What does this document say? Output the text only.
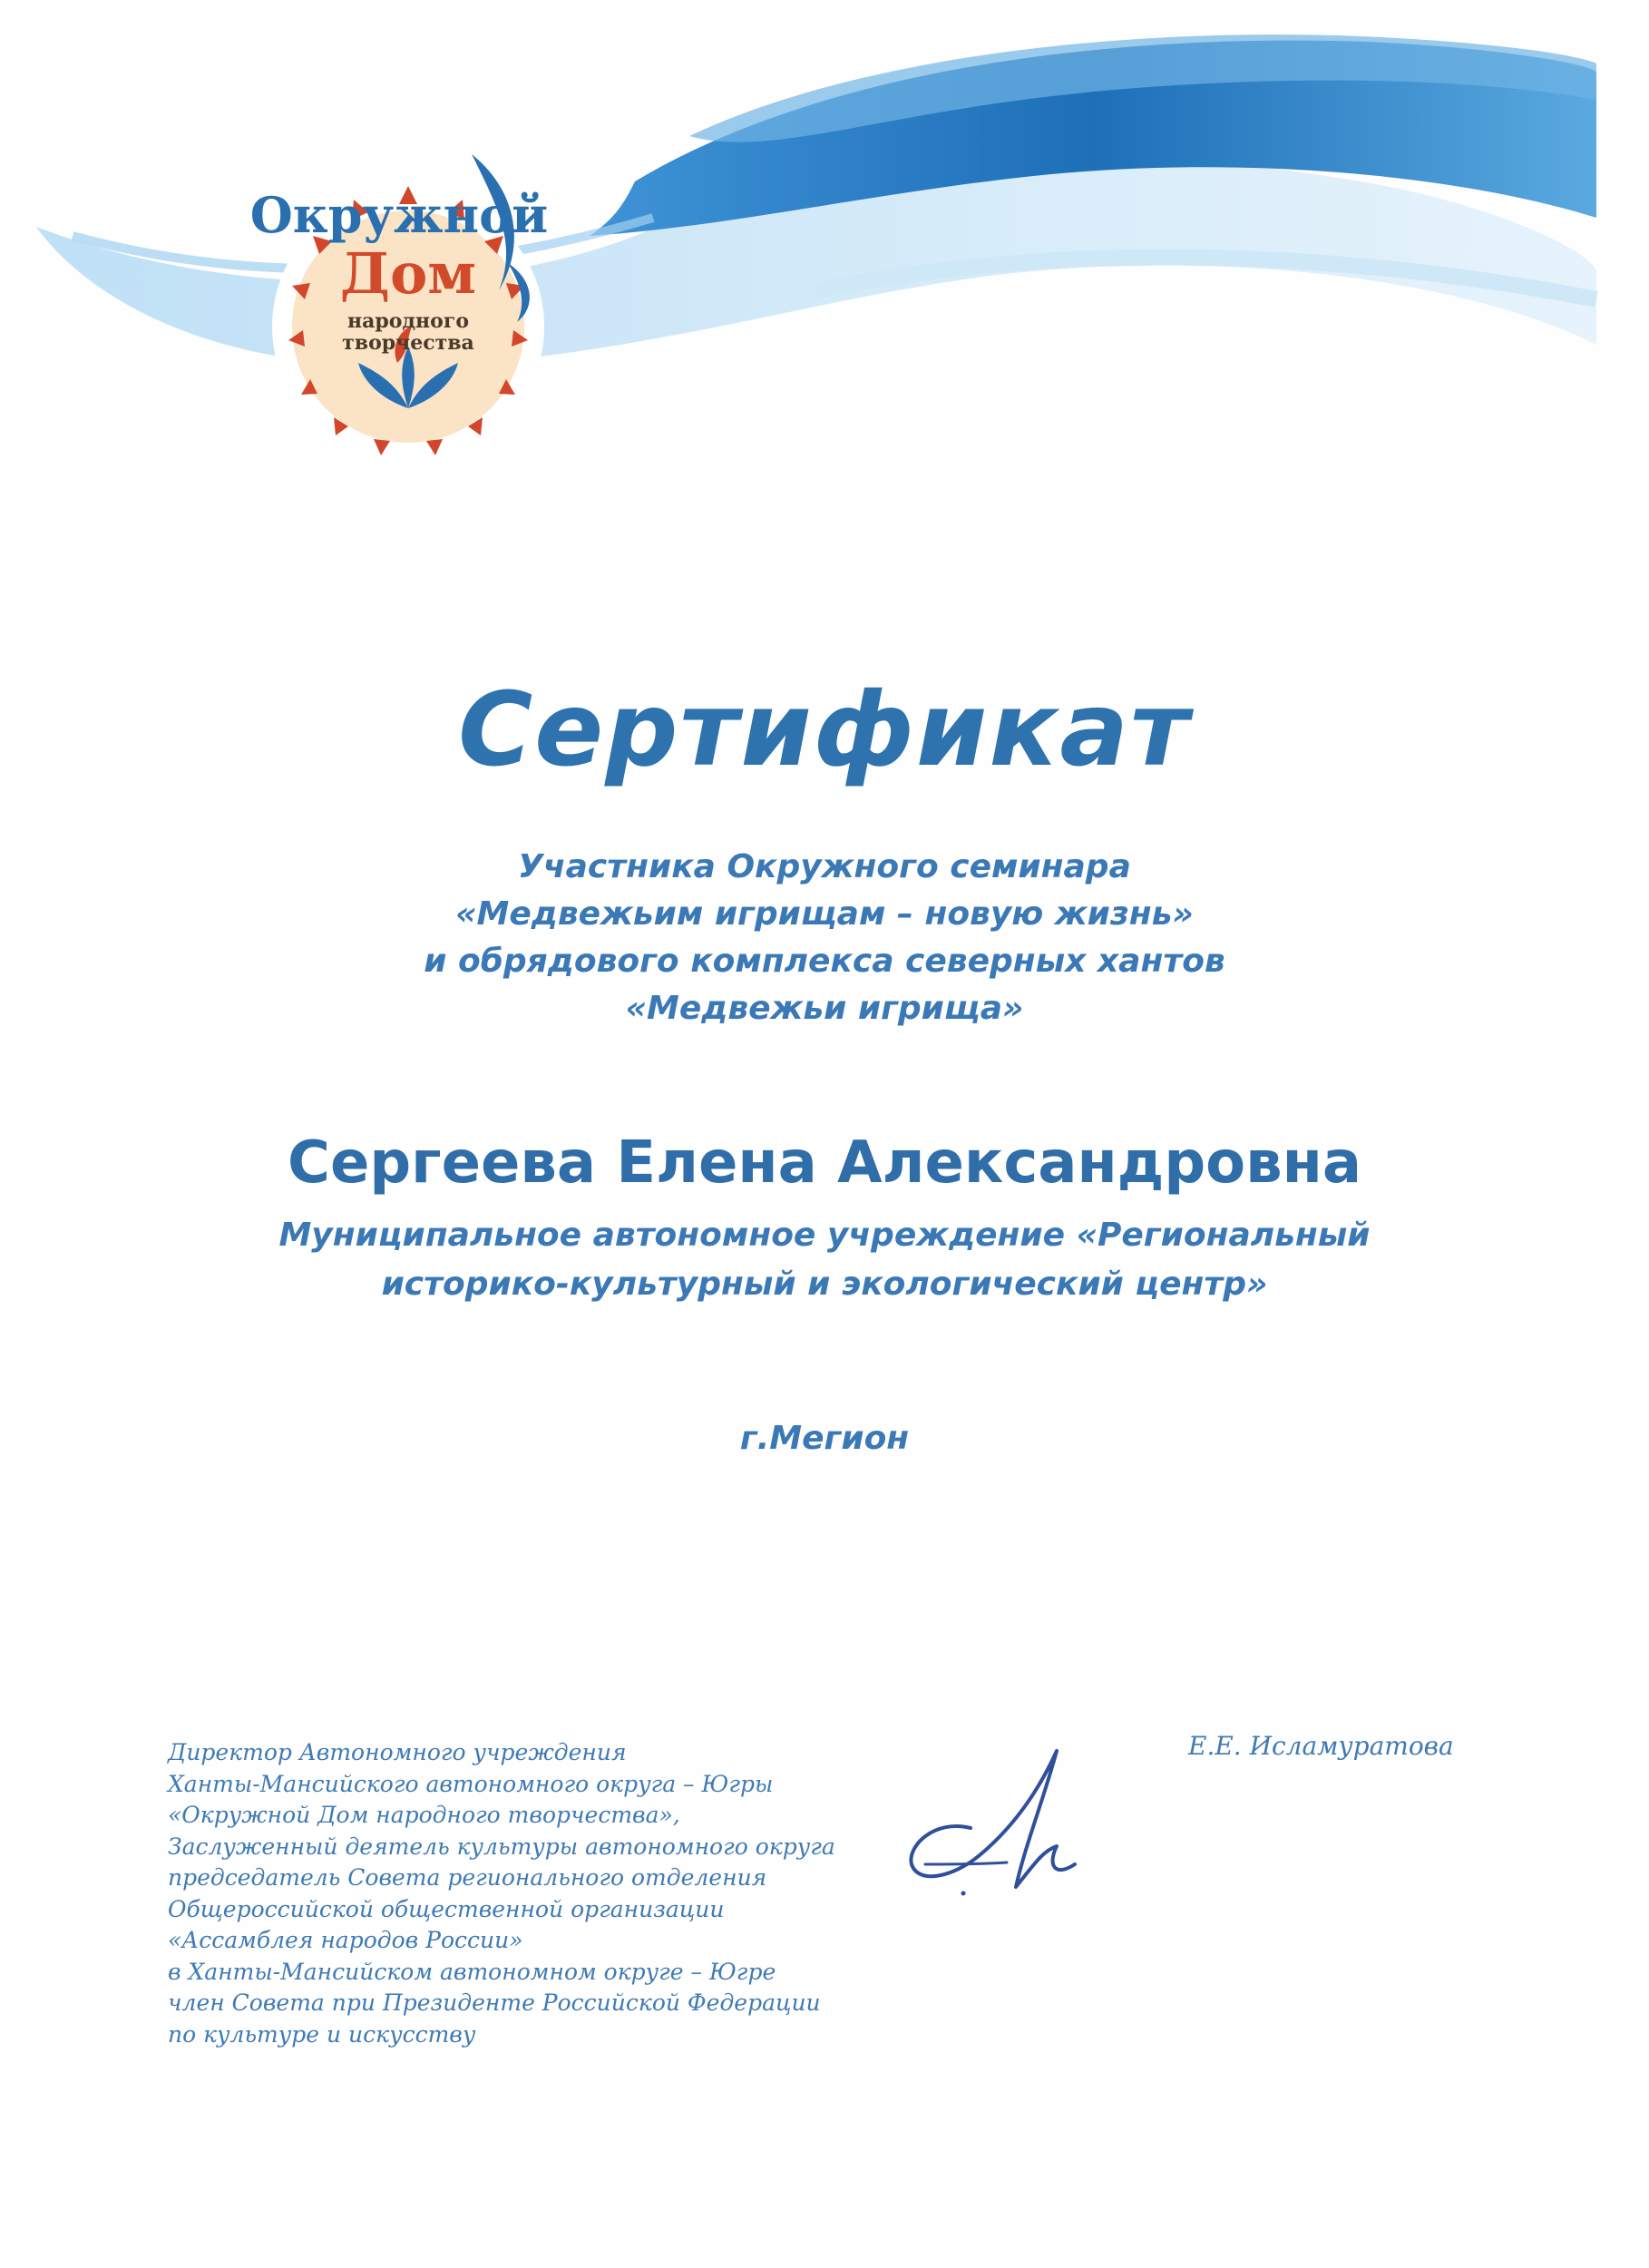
Окружной
Дом
народного
творчества
Сертификат
Участника Окружного семинара
«Медвежьим игрищам – новую жизнь»
и обрядового комплекса северных хантов
«Медвежьи игрища»
Сергеева Елена Александровна
Муниципальное автономное учреждение «Региональный
историко-культурный и экологический центр»
г.Мегион
Директор Автономного учреждения
Ханты-Мансийского автономного округа – Югры
«Окружной Дом народного творчества»,
Заслуженный деятель культуры автономного округа
председатель Совета регионального отделения
Общероссийской общественной организации
«Ассамблея народов России»
в Ханты-Мансийском автономном округе – Югре
член Совета при Президенте Российской Федерации
по культуре и искусству
Е.Е. Исламуратова
